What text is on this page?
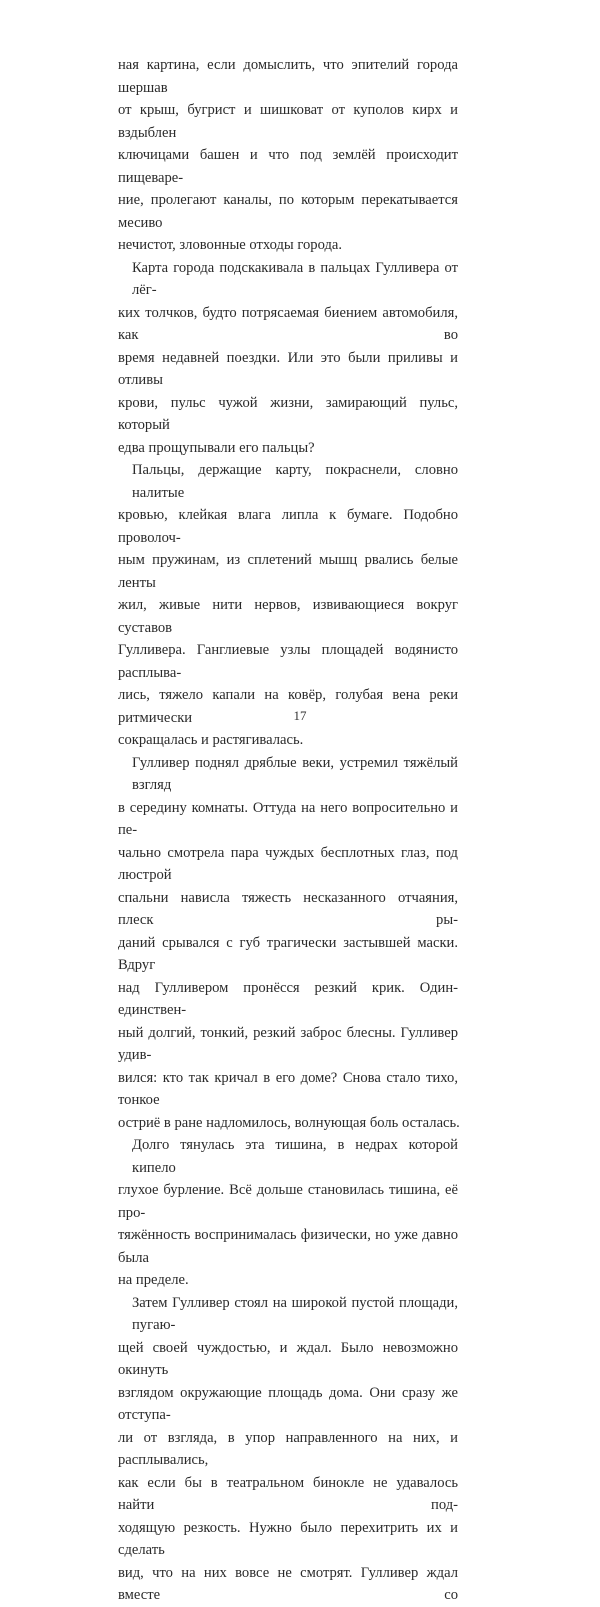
ная картина, если домыслить, что эпителий города шершав
от крыш, бугрист и шишковат от куполов кирх и вздыблен
ключицами башен и что под землёй происходит пищеваре-
ние, пролегают каналы, по которым перекатывается месиво
нечистот, зловонные отходы города.

Карта города подскакивала в пальцах Гулливера от лёг-
ких толчков, будто потрясаемая биением автомобиля, как во
время недавней поездки. Или это были приливы и отливы
крови, пульс чужой жизни, замирающий пульс, который
едва прощупывали его пальцы?

Пальцы, держащие карту, покраснели, словно налитые
кровью, клейкая влага липла к бумаге. Подобно проволоч-
ным пружинам, из сплетений мышц рвались белые ленты
жил, живые нити нервов, извивающиеся вокруг суставов
Гулливера. Ганглиевые узлы площадей водянисто расплыва-
лись, тяжело капали на ковёр, голубая вена реки ритмически
сокращалась и растягивалась.

Гулливер поднял дряблые веки, устремил тяжёлый взгляд
в середину комнаты. Оттуда на него вопросительно и пе-
чально смотрела пара чуждых бесплотных глаз, под люстрой
спальни нависла тяжесть несказанного отчаяния, плеск ры-
даний срывался с губ трагически застывшей маски. Вдруг
над Гулливером пронёсся резкий крик. Один- единствен-
ный долгий, тонкий, резкий заброс блесны. Гулливер удив-
вился: кто так кричал в его доме? Снова стало тихо, тонкое
остриё в ране надломилось, волнующая боль осталась.

Долго тянулась эта тишина, в недрах которой кипело
глухое бурление. Всё дольше становилась тишина, её про-
тяжённость воспринималась физически, но уже давно была
на пределе.

Затем Гулливер стоял на широкой пустой площади, пугаю-
щей своей чуждостью, и ждал. Было невозможно окинуть
взглядом окружающие площадь дома. Они сразу же отступа-
ли от взгляда, в упор направленного на них, и расплывались,
как если бы в театральном бинокле не удавалось найти под-
ходящую резкость. Нужно было перехитрить их и сделать
вид, что на них вовсе не смотрят. Гулливер ждал вместе со

17
